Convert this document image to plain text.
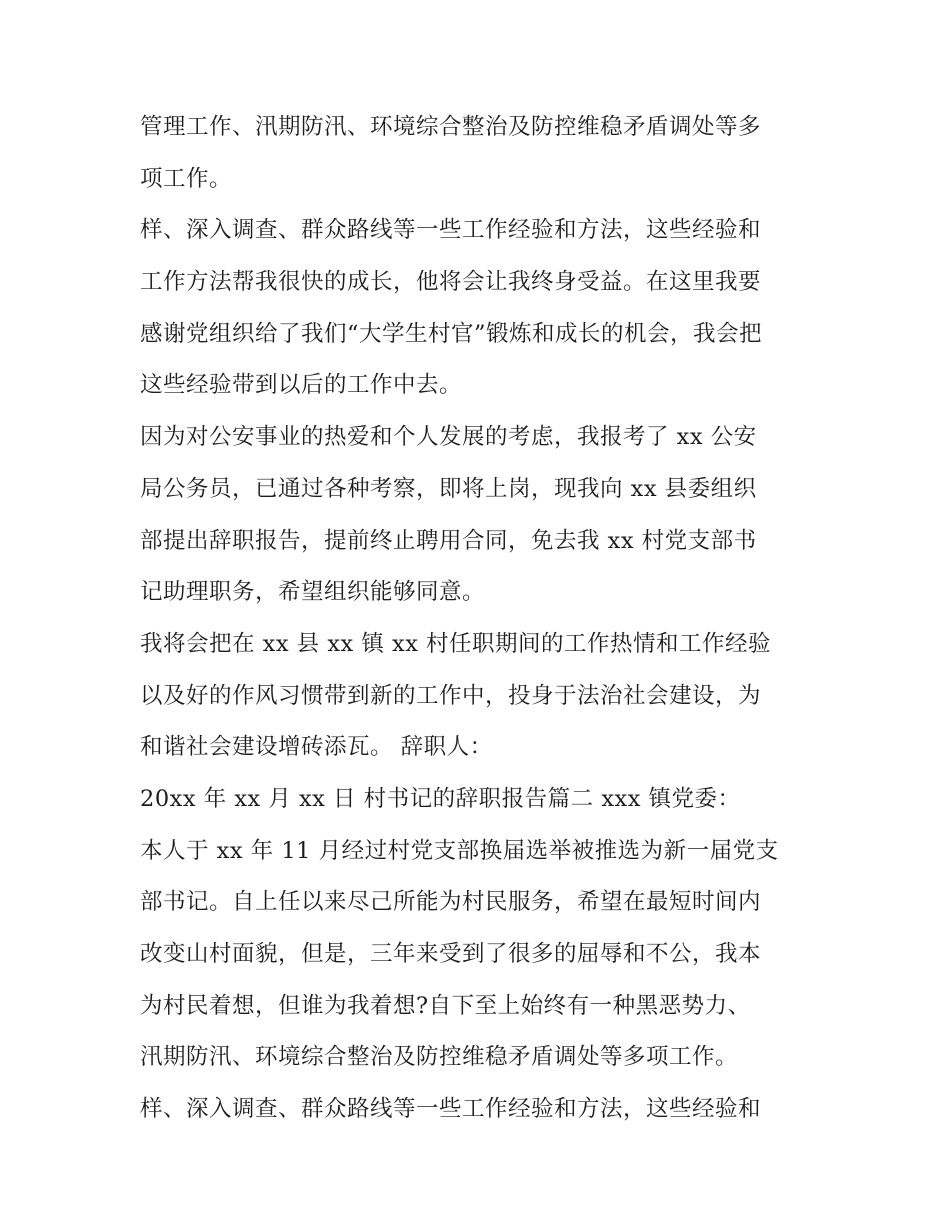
管理工作、汛期防汛、环境综合整治及防控维稳矛盾调处等多
项工作。
样、深入调查、群众路线等一些工作经验和方法，这些经验和
工作方法帮我很快的成长，他将会让我终身受益。在这里我要
感谢党组织给了我们“大学生村官”锻炼和成长的机会，我会把
这些经验带到以后的工作中去。
因为对公安事业的热爱和个人发展的考虑，我报考了 xx 公安
局公务员，已通过各种考察，即将上岗，现我向 xx 县委组织
部提出辞职报告，提前终止聘用合同，免去我 xx 村党支部书
记助理职务，希望组织能够同意。
我将会把在 xx 县 xx 镇 xx 村任职期间的工作热情和工作经验
以及好的作风习惯带到新的工作中，投身于法治社会建设，为
和谐社会建设增砖添瓦。 辞职人：
20xx 年 xx 月 xx 日 村书记的辞职报告篇二 xxx 镇党委：
本人于 xx 年 11 月经过村党支部换届选举被推选为新一届党支
部书记。自上任以来尽己所能为村民服务，希望在最短时间内
改变山村面貌，但是，三年来受到了很多的屈辱和不公，我本
为村民着想，但谁为我着想?自下至上始终有一种黑恶势力、
汛期防汛、环境综合整治及防控维稳矛盾调处等多项工作。
样、深入调查、群众路线等一些工作经验和方法，这些经验和
